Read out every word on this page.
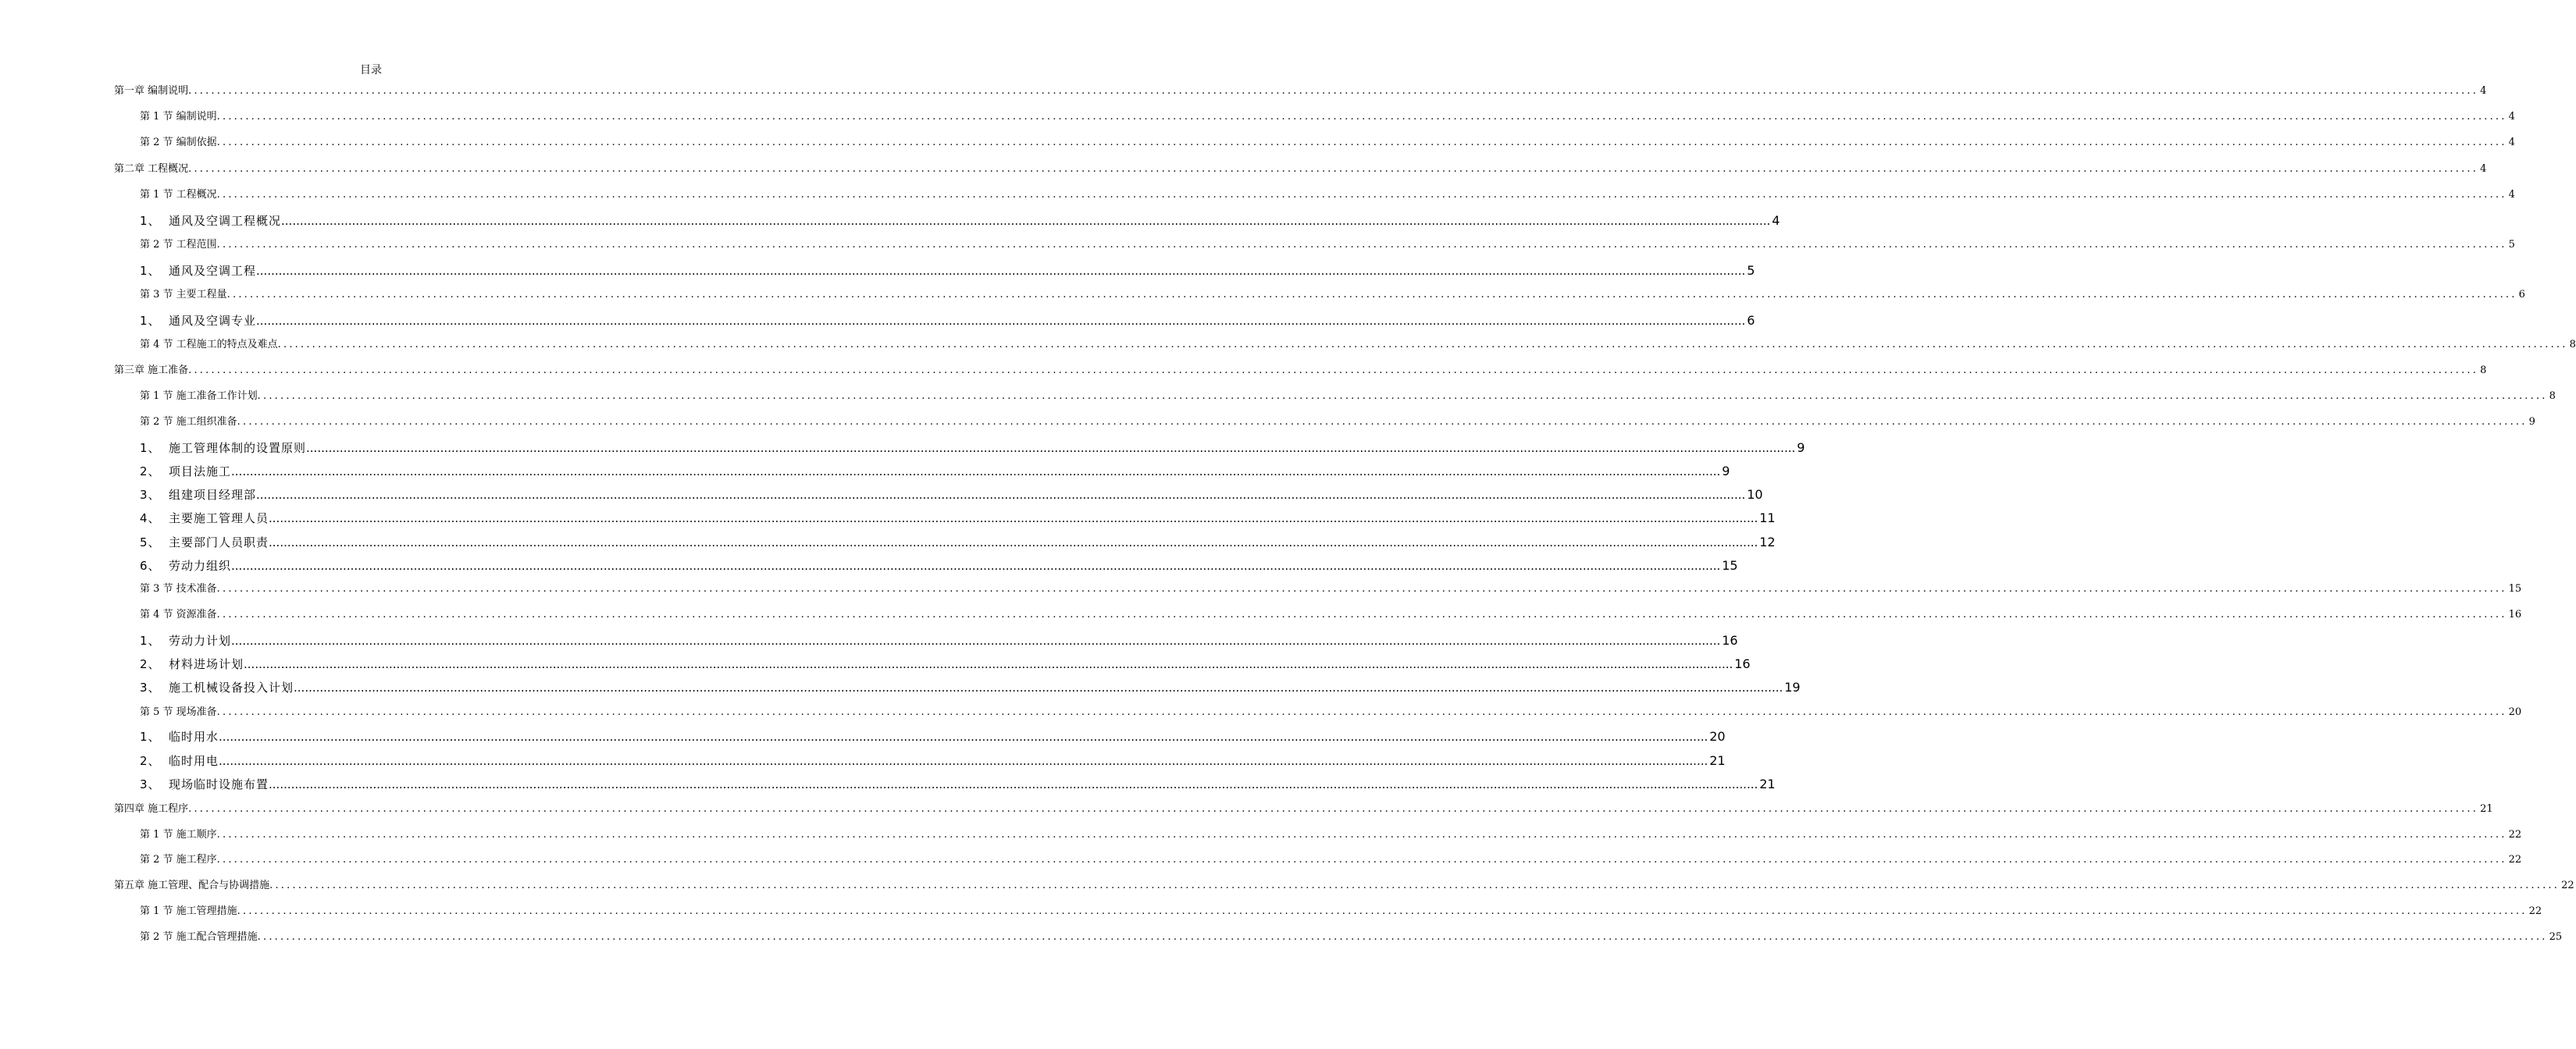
目录
第一章 编制说明 ................................................................................................................................................................................................................................................................................................................................................................................................................ 4
第 1 节 编制说明 ................................................................................................................................................................................................................................................................................................................................................................................................................ 4
第 2 节 编制依据 ................................................................................................................................................................................................................................................................................................................................................................................................................ 4
第二章 工程概况 ................................................................................................................................................................................................................................................................................................................................................................................................................ 4
第 1 节 工程概况 ................................................................................................................................................................................................................................................................................................................................................................................................................ 4
1、 通风及空调工程概况 ................................................................................................................................................................................................................................................................................................................................................................................................................ 4
第 2 节 工程范围 ................................................................................................................................................................................................................................................................................................................................................................................................................ 5
1、 通风及空调工程 ................................................................................................................................................................................................................................................................................................................................................................................................................ 5
第 3 节 主要工程量 ................................................................................................................................................................................................................................................................................................................................................................................................................ 6
1、 通风及空调专业 ................................................................................................................................................................................................................................................................................................................................................................................................................ 6
第 4 节 工程施工的特点及难点 ................................................................................................................................................................................................................................................................................................................................................................................................................ 8
第三章 施工准备 ................................................................................................................................................................................................................................................................................................................................................................................................................ 8
第 1 节 施工准备工作计划 ................................................................................................................................................................................................................................................................................................................................................................................................................ 8
第 2 节 施工组织准备 ................................................................................................................................................................................................................................................................................................................................................................................................................ 9
1、 施工管理体制的设置原则 ................................................................................................................................................................................................................................................................................................................................................................................................................ 9
2、 项目法施工 ................................................................................................................................................................................................................................................................................................................................................................................................................ 9
3、 组建项目经理部 ................................................................................................................................................................................................................................................................................................................................................................................................................ 10
4、 主要施工管理人员 ................................................................................................................................................................................................................................................................................................................................................................................................................ 11
5、 主要部门人员职责 ................................................................................................................................................................................................................................................................................................................................................................................................................ 12
6、 劳动力组织 ................................................................................................................................................................................................................................................................................................................................................................................................................ 15
第 3 节 技术准备 ................................................................................................................................................................................................................................................................................................................................................................................................................ 15
第 4 节 资源准备 ................................................................................................................................................................................................................................................................................................................................................................................................................ 16
1、 劳动力计划 ................................................................................................................................................................................................................................................................................................................................................................................................................ 16
2、 材料进场计划 ................................................................................................................................................................................................................................................................................................................................................................................................................ 16
3、 施工机械设备投入计划 ................................................................................................................................................................................................................................................................................................................................................................................................................ 19
第 5 节 现场准备 ................................................................................................................................................................................................................................................................................................................................................................................................................ 20
1、 临时用水 ................................................................................................................................................................................................................................................................................................................................................................................................................ 20
2、 临时用电 ................................................................................................................................................................................................................................................................................................................................................................................................................ 21
3、 现场临时设施布置 ................................................................................................................................................................................................................................................................................................................................................................................................................ 21
第四章 施工程序 ................................................................................................................................................................................................................................................................................................................................................................................................................ 21
第 1 节 施工顺序 ................................................................................................................................................................................................................................................................................................................................................................................................................ 22
第 2 节 施工程序 ................................................................................................................................................................................................................................................................................................................................................................................................................ 22
第五章 施工管理、配合与协调措施 ................................................................................................................................................................................................................................................................................................................................................................................................................ 22
第 1 节 施工管理措施 ................................................................................................................................................................................................................................................................................................................................................................................................................ 22
第 2 节 施工配合管理措施 ................................................................................................................................................................................................................................................................................................................................................................................................................ 25
